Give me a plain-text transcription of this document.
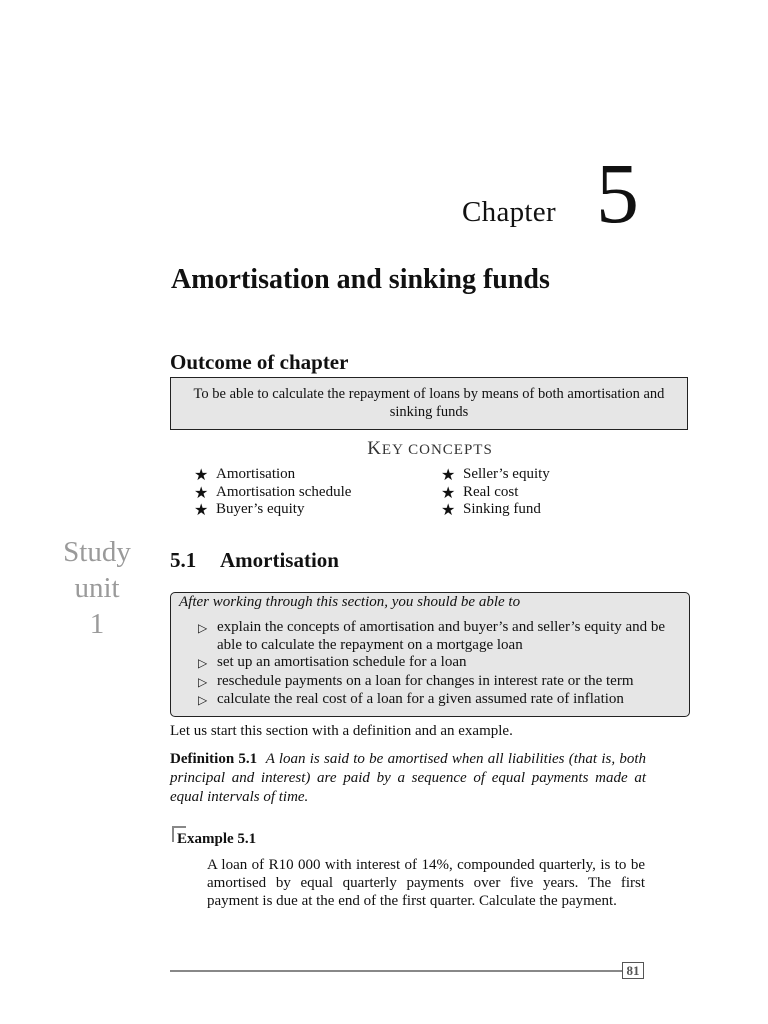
Chapter 5
Amortisation and sinking funds
Outcome of chapter
To be able to calculate the repayment of loans by means of both amortisation and sinking funds
KEY CONCEPTS
★ Amortisation
★ Amortisation schedule
★ Buyer’s equity
★ Seller’s equity
★ Real cost
★ Sinking fund
Study
unit
1
5.1 Amortisation
After working through this section, you should be able to
▷ explain the concepts of amortisation and buyer’s and seller’s equity and be able to calculate the repayment on a mortgage loan
▷ set up an amortisation schedule for a loan
▷ reschedule payments on a loan for changes in interest rate or the term
▷ calculate the real cost of a loan for a given assumed rate of inflation
Let us start this section with a definition and an example.
Definition 5.1 A loan is said to be amortised when all liabilities (that is, both principal and interest) are paid by a sequence of equal payments made at equal intervals of time.
Example 5.1
A loan of R10 000 with interest of 14%, compounded quarterly, is to be amortised by equal quarterly payments over five years. The first payment is due at the end of the first quarter. Calculate the payment.
81
